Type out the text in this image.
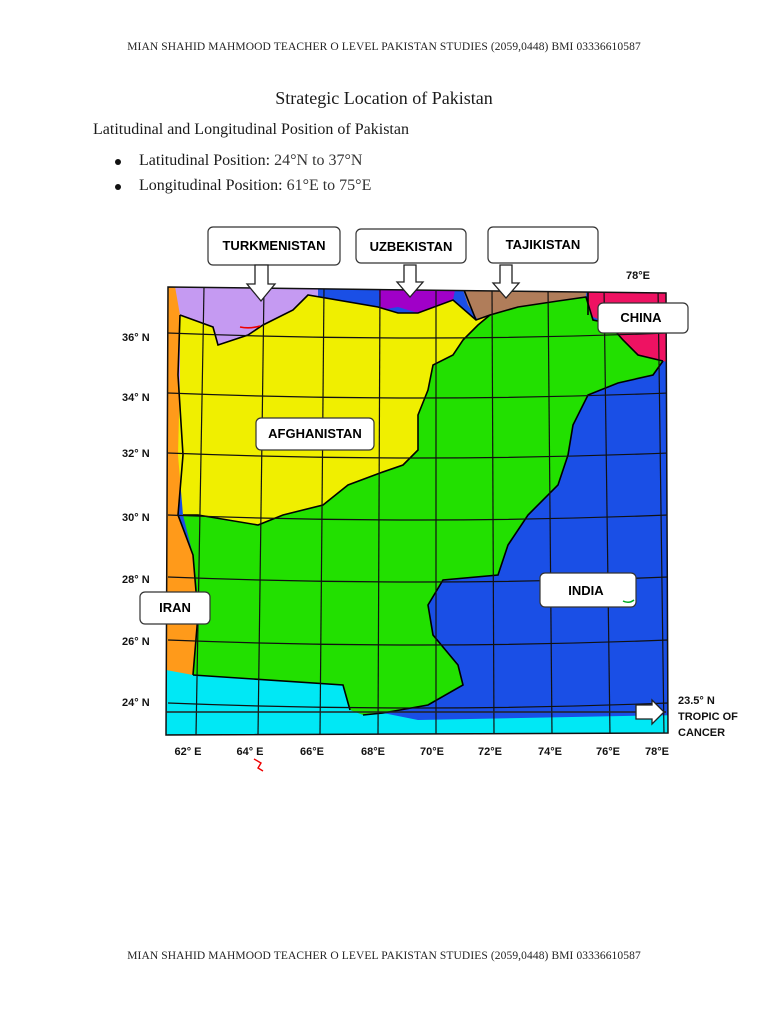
MIAN SHAHID MAHMOOD TEACHER O LEVEL PAKISTAN STUDIES (2059,0448) BMI 03336610587
Strategic Location of Pakistan
Latitudinal and Longitudinal Position of Pakistan
Latitudinal Position: 24°N to 37°N
Longitudinal Position: 61°E to 75°E
TURKMENISTAN	UZBEKISTAN	TAJIKISTAN
CHINA
AFGHANISTAN
IRAN
INDIA
36° N
34° N
32° N
30° N
28° N
26° N
24° N
62° E	64° E	66°E	68°E	70°E	72°E	74°E	76°E 78°E
78°E
23.5° N
TROPIC OF
CANCER
MIAN SHAHID MAHMOOD TEACHER O LEVEL PAKISTAN STUDIES (2059,0448) BMI 03336610587
